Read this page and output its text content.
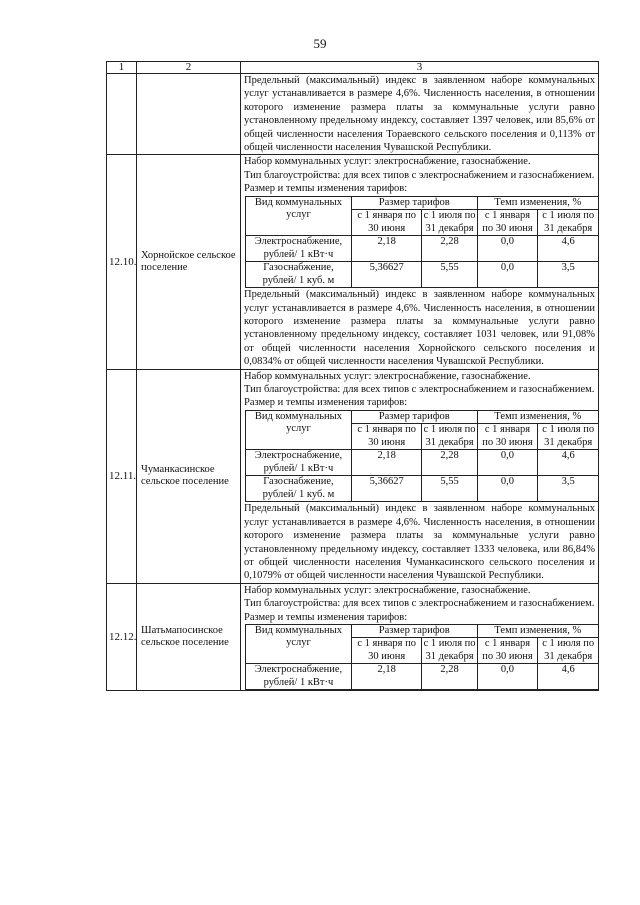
59
1	2	3

Предельный (максимальный) индекс в заявленном наборе коммунальных услуг устанавливается в размере 4,6%. Численность населения, в отношении которого изменение размера платы за коммунальные услуги равно установленному предельному индексу, составляет 1397 человек, или 85,6% от общей численности населения Тораевского сельского поселения и 0,113% от общей численности населения Чувашской Республики.

12.10.	Хорнойское сельское поселение	
Набор коммунальных услуг: электроснабжение, газоснабжение.
Тип благоустройства: для всех типов с электроснабжением и газоснабжением.
Размер и темпы изменения тарифов:
Вид коммунальных услуг	Размер тарифов	Темп изменения, %
с 1 января по 30 июня	с 1 июля по 31 декабря	с 1 января по 30 июня	с 1 июля по 31 декабря
Электроснабжение, рублей/ 1 кВт·ч	2,18	2,28	0,0	4,6
Газоснабжение, рублей/ 1 куб. м	5,36627	5,55	0,0	3,5
Предельный (максимальный) индекс в заявленном наборе коммунальных услуг устанавливается в размере 4,6%. Численность населения, в отношении которого изменение размера платы за коммунальные услуги равно установленному предельному индексу, составляет 1031 человек, или 91,08% от общей численности населения Хорнойского сельского поселения и 0,0834% от общей численности населения Чувашской Республики.

12.11.	Чуманкасинское сельское поселение	
Набор коммунальных услуг: электроснабжение, газоснабжение.
Тип благоустройства: для всех типов с электроснабжением и газоснабжением.
Размер и темпы изменения тарифов:
Вид коммунальных услуг	Размер тарифов	Темп изменения, %
с 1 января по 30 июня	с 1 июля по 31 декабря	с 1 января по 30 июня	с 1 июля по 31 декабря
Электроснабжение, рублей/ 1 кВт·ч	2,18	2,28	0,0	4,6
Газоснабжение, рублей/ 1 куб. м	5,36627	5,55	0,0	3,5
Предельный (максимальный) индекс в заявленном наборе коммунальных услуг устанавливается в размере 4,6%. Численность населения, в отношении которого изменение размера платы за коммунальные услуги равно установленному предельному индексу, составляет 1333 человека, или 86,84% от общей численности населения Чуманкасинского сельского поселения и 0,1079% от общей численности населения Чувашской Республики.

12.12.	Шатьмапосинское сельское поселение	
Набор коммунальных услуг: электроснабжение, газоснабжение.
Тип благоустройства: для всех типов с электроснабжением и газоснабжением.
Размер и темпы изменения тарифов:
Вид коммунальных услуг	Размер тарифов	Темп изменения, %
с 1 января по 30 июня	с 1 июля по 31 декабря	с 1 января по 30 июня	с 1 июля по 31 декабря
Электроснабжение, рублей/ 1 кВт·ч	2,18	2,28	0,0	4,6
